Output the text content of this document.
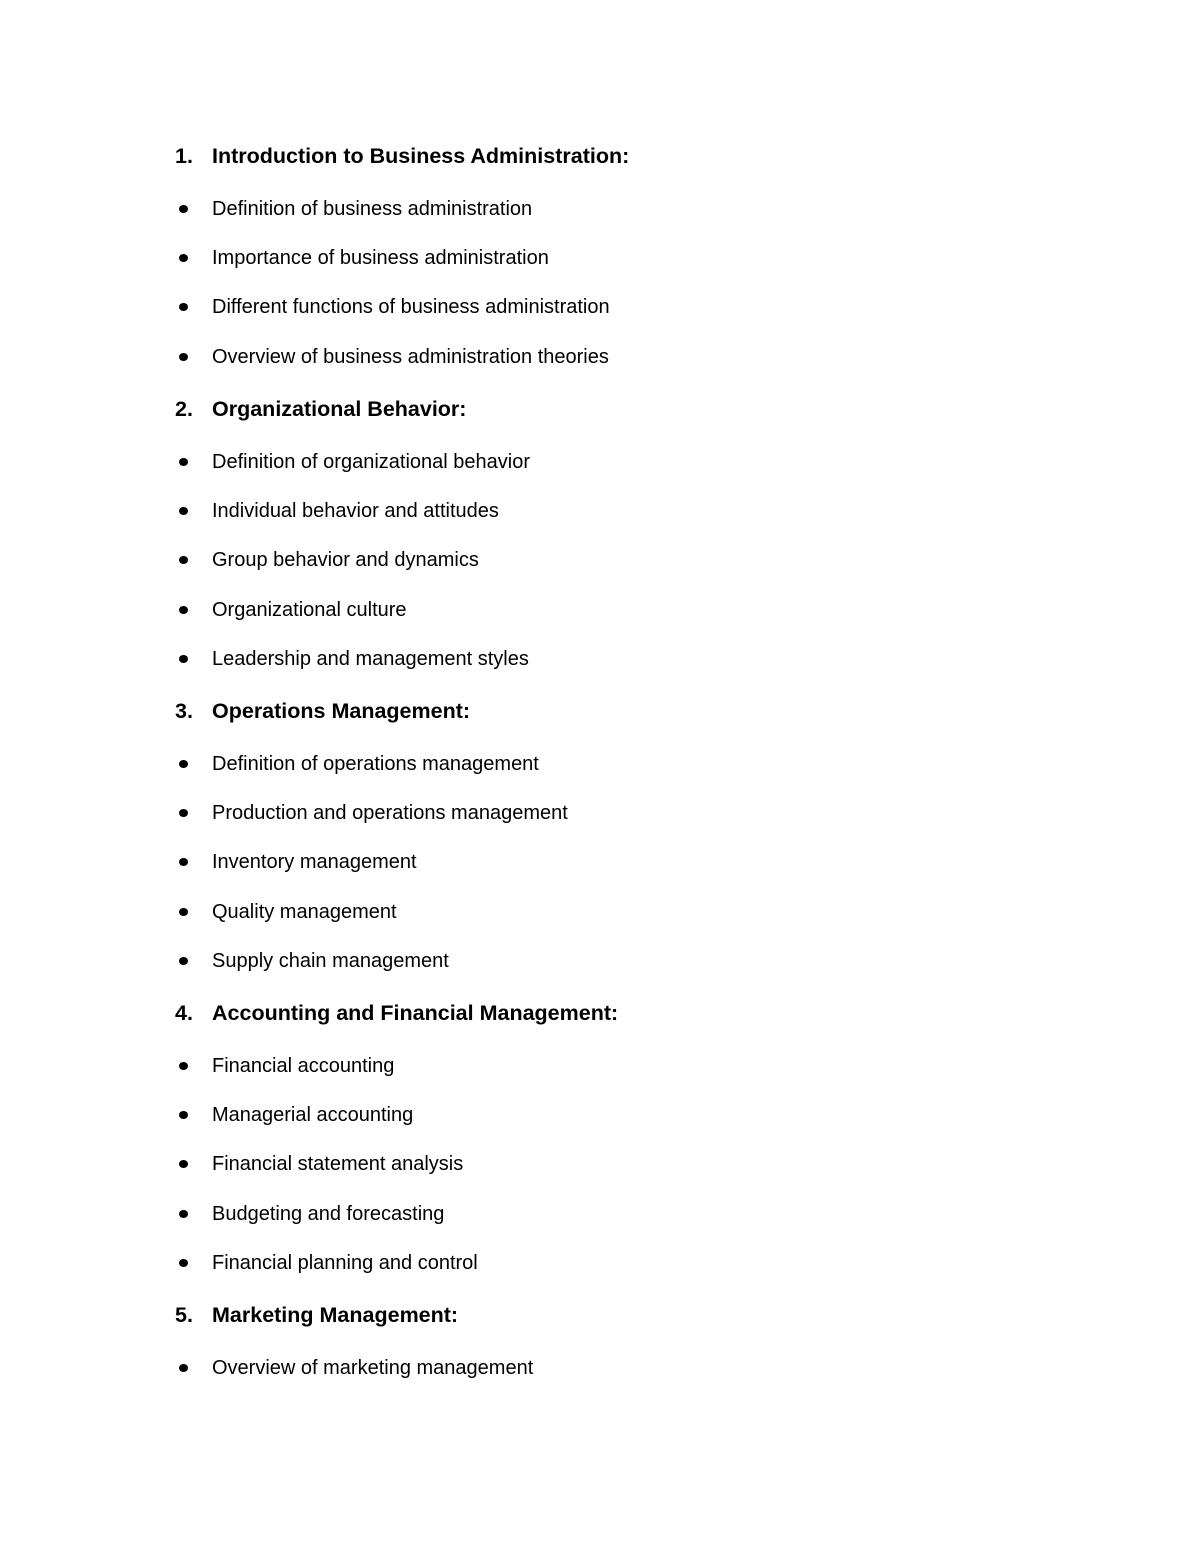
1. Introduction to Business Administration:
Definition of business administration
Importance of business administration
Different functions of business administration
Overview of business administration theories
2. Organizational Behavior:
Definition of organizational behavior
Individual behavior and attitudes
Group behavior and dynamics
Organizational culture
Leadership and management styles
3. Operations Management:
Definition of operations management
Production and operations management
Inventory management
Quality management
Supply chain management
4. Accounting and Financial Management:
Financial accounting
Managerial accounting
Financial statement analysis
Budgeting and forecasting
Financial planning and control
5. Marketing Management:
Overview of marketing management
